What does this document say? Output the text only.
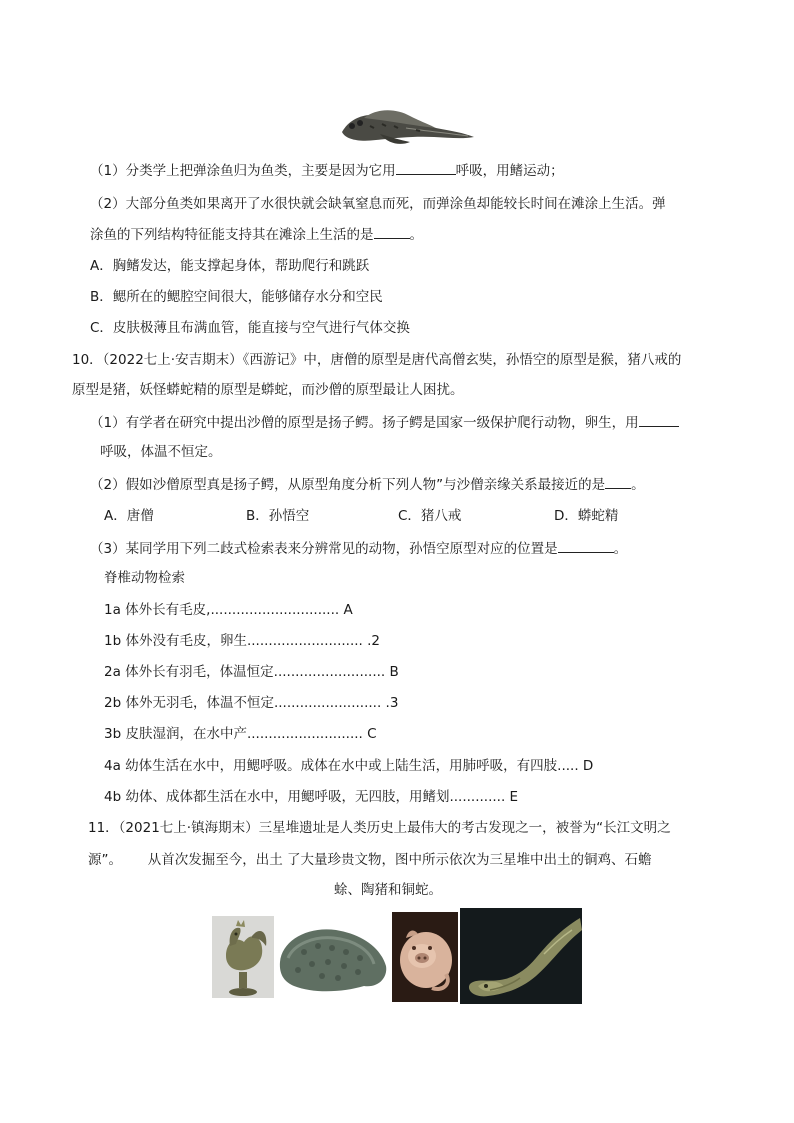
（1）分类学上把弹涂鱼归为鱼类，主要是因为它用	呼吸，用鳍运动；
（2）大部分鱼类如果离开了水很快就会缺氧窒息而死，而弹涂鱼却能较长时间在滩涂上生活。弹
涂鱼的下列结构特征能支持其在滩涂上生活的是	。
A．胸鳍发达，能支撑起身体，帮助爬行和跳跃
B．鳃所在的鳃腔空间很大，能够储存水分和空民
C．皮肤极薄且布满血管，能直接与空气进行气体交换
10．（2022七上·安吉期末）《西游记》中，唐僧的原型是唐代高僧玄奘，孙悟空的原型是猴，猪八戒的
原型是猪，妖怪蟒蛇精的原型是蟒蛇，而沙僧的原型最让人困扰。
（1）有学者在研究中提出沙僧的原型是扬子鳄。扬子鳄是国家一级保护爬行动物，卵生，用
呼吸，体温不恒定。
（2）假如沙僧原型真是扬子鳄，从原型角度分析下列人物”与沙僧亲缘关系最接近的是 。
A．唐僧	B．孙悟空	C．猪八戒	D．蟒蛇精
（3）某同学用下列二歧式检索表来分辨常见的动物，孙悟空原型对应的位置是	。
脊椎动物检索
1a 体外长有毛皮,.............................. A
1b 体外没有毛皮，卵生........................... .2
2a 体外长有羽毛，体温恒定.......................... B
2b 体外无羽毛，体温不恒定......................... .3
3b 皮肤湿润，在水中产........................... C
4a 幼体生活在水中，用鳃呼吸。成体在水中或上陆生活，用肺呼吸，有四肢..... D
4b 幼体、成体都生活在水中，用鳃呼吸，无四肢，用鳍划............. E
11．（2021七上·镇海期末）三星堆遗址是人类历史上最伟大的考古发现之一，被誉为“长江文明之
源”。      从首次发掘至今，出土 了大量珍贵文物，图中所示依次为三星堆中出土的铜鸡、石蟾
蜍、陶猪和铜蛇。
